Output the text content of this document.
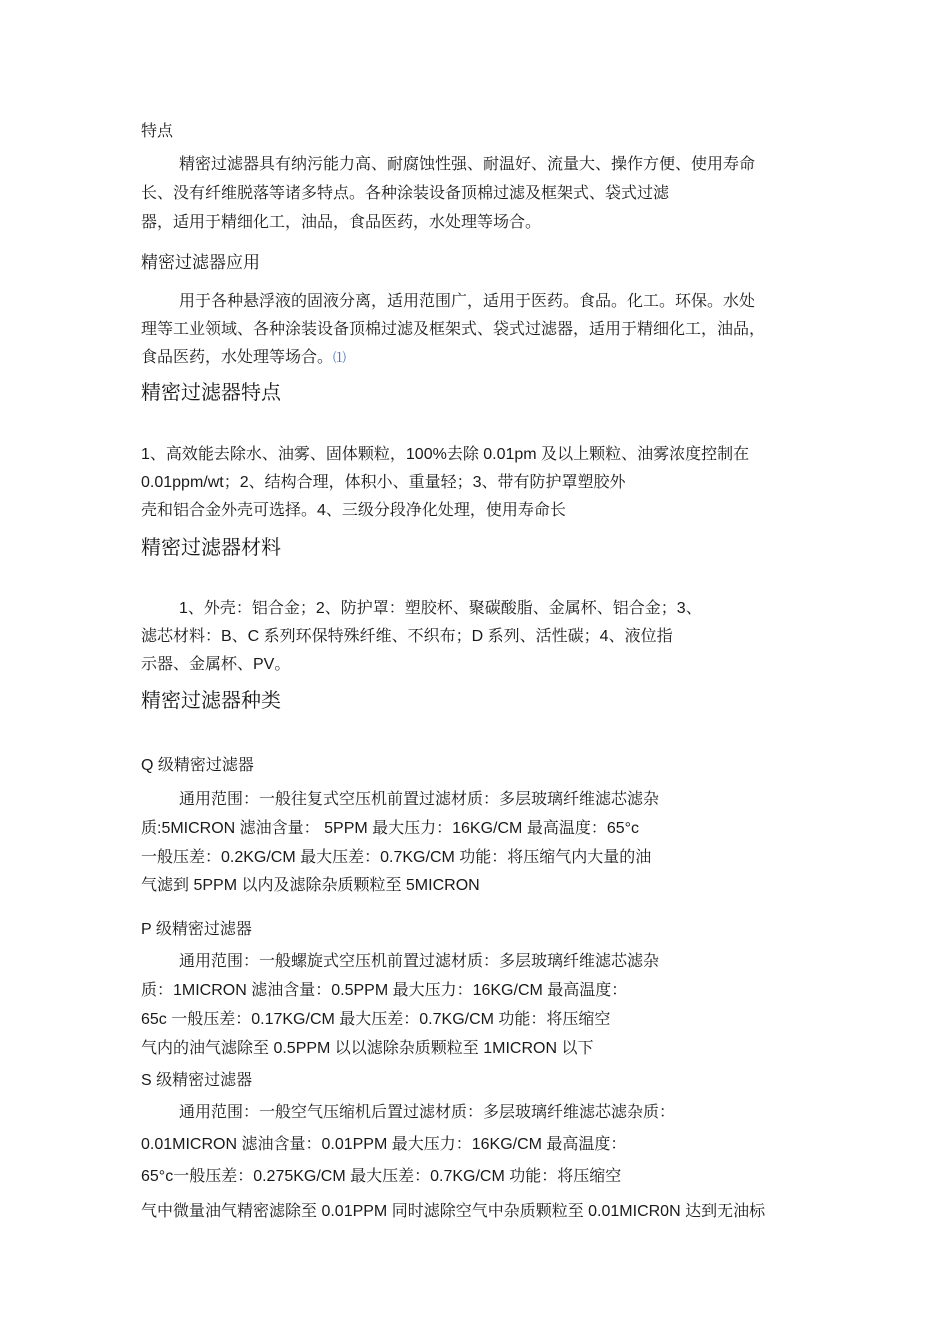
特点

精密过滤器具有纳污能力高、耐腐蚀性强、耐温好、流量大、操作方便、使用寿命

长、没有纤维脱落等诸多特点。各种涂装设备顶棉过滤及框架式、袋式过滤

器，适用于精细化工，油品，食品医药，水处理等场合。

精密过滤器应用

用于各种悬浮液的固液分离，适用范围广，适用于医药。食品。化工。环保。水处

理等工业领域、各种涂装设备顶棉过滤及框架式、袋式过滤器，适用于精细化工，油品，

食品医药，水处理等场合。⑴

精密过滤器特点

1、高效能去除水、油雾、固体颗粒，100%去除 0.01pm 及以上颗粒、油雾浓度控制在

0.01ppm/wt；2、结构合理，体积小、重量轻；3、带有防护罩塑胶外

壳和铝合金外壳可选择。4、三级分段净化处理，使用寿命长

精密过滤器材料

1、外壳：铝合金；2、防护罩：塑胶杯、聚碳酸脂、金属杯、铝合金；3、

滤芯材料：B、C 系列环保特殊纤维、不织布；D 系列、活性碳；4、液位指

示器、金属杯、PV。

精密过滤器种类

Q 级精密过滤器

通用范围：一般往复式空压机前置过滤材质：多层玻璃纤维滤芯滤杂

质:5MICRON 滤油含量： 5PPM 最大压力：16KG/CM 最高温度：65°c

一般压差：0.2KG/CM 最大压差：0.7KG/CM 功能：将压缩气内大量的油

气滤到 5PPM 以内及滤除杂质颗粒至 5MICRON

P 级精密过滤器

通用范围：一般螺旋式空压机前置过滤材质：多层玻璃纤维滤芯滤杂

质：1MICRON 滤油含量：0.5PPM 最大压力：16KG/CM 最高温度：

65c 一般压差：0.17KG/CM 最大压差：0.7KG/CM 功能：将压缩空

气内的油气滤除至 0.5PPM 以以滤除杂质颗粒至 1MICRON 以下

S 级精密过滤器

通用范围：一般空气压缩机后置过滤材质：多层玻璃纤维滤芯滤杂质：

0.01MICRON 滤油含量：0.01PPM 最大压力：16KG/CM 最高温度：

65°c一般压差：0.275KG/CM 最大压差：0.7KG/CM 功能：将压缩空

气中微量油气精密滤除至 0.01PPM 同时滤除空气中杂质颗粒至 0.01MICR0N 达到无油标
